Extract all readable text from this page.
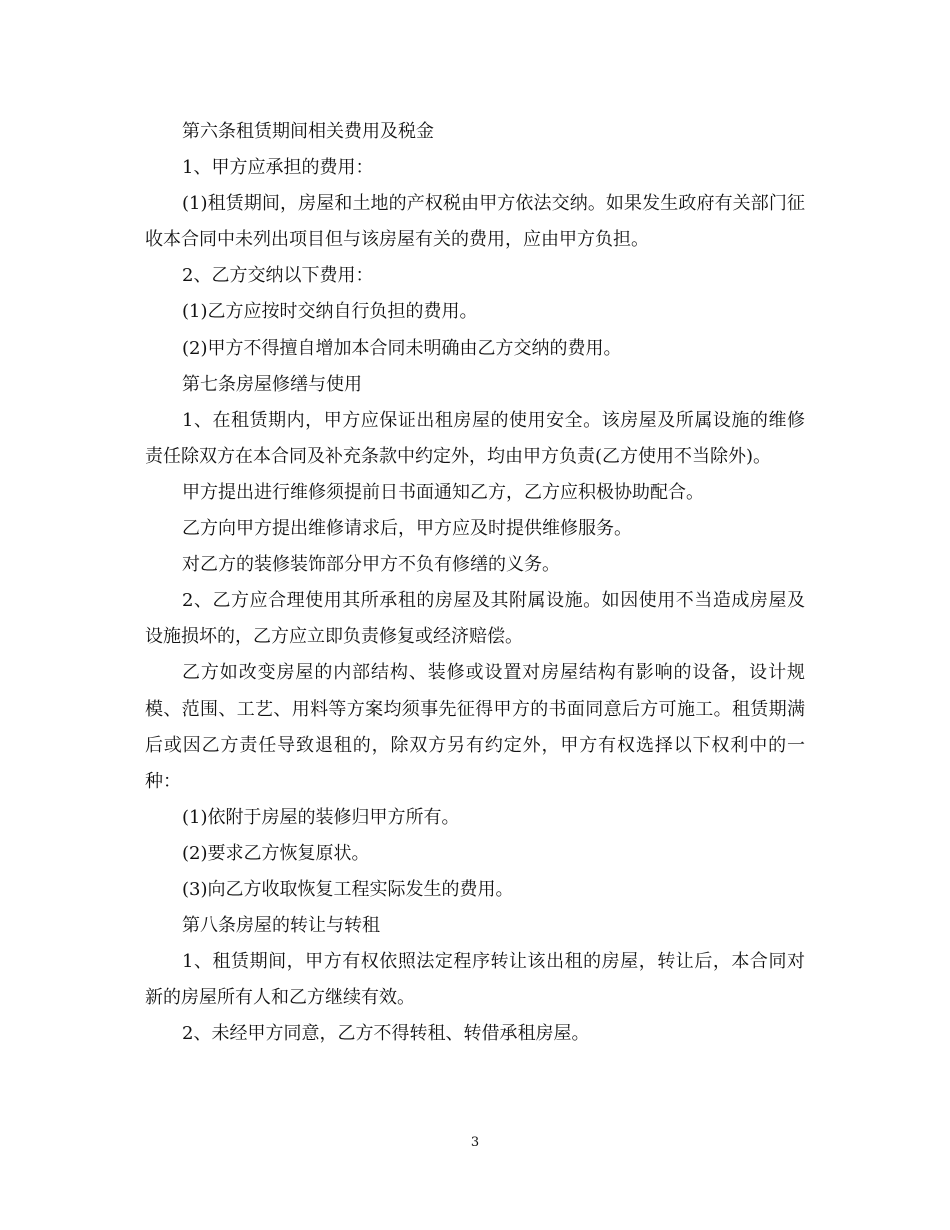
第六条租赁期间相关费用及税金

1、甲方应承担的费用：

(1)租赁期间，房屋和土地的产权税由甲方依法交纳。如果发生政府有关部门征收本合同中未列出项目但与该房屋有关的费用，应由甲方负担。

2、乙方交纳以下费用：

(1)乙方应按时交纳自行负担的费用。

(2)甲方不得擅自增加本合同未明确由乙方交纳的费用。

第七条房屋修缮与使用

1、在租赁期内，甲方应保证出租房屋的使用安全。该房屋及所属设施的维修责任除双方在本合同及补充条款中约定外，均由甲方负责(乙方使用不当除外)。

甲方提出进行维修须提前日书面通知乙方，乙方应积极协助配合。

乙方向甲方提出维修请求后，甲方应及时提供维修服务。

对乙方的装修装饰部分甲方不负有修缮的义务。

2、乙方应合理使用其所承租的房屋及其附属设施。如因使用不当造成房屋及设施损坏的，乙方应立即负责修复或经济赔偿。

乙方如改变房屋的内部结构、装修或设置对房屋结构有影响的设备，设计规模、范围、工艺、用料等方案均须事先征得甲方的书面同意后方可施工。租赁期满后或因乙方责任导致退租的，除双方另有约定外，甲方有权选择以下权利中的一种：

(1)依附于房屋的装修归甲方所有。

(2)要求乙方恢复原状。

(3)向乙方收取恢复工程实际发生的费用。

第八条房屋的转让与转租

1、租赁期间，甲方有权依照法定程序转让该出租的房屋，转让后，本合同对新的房屋所有人和乙方继续有效。

2、未经甲方同意，乙方不得转租、转借承租房屋。

3
